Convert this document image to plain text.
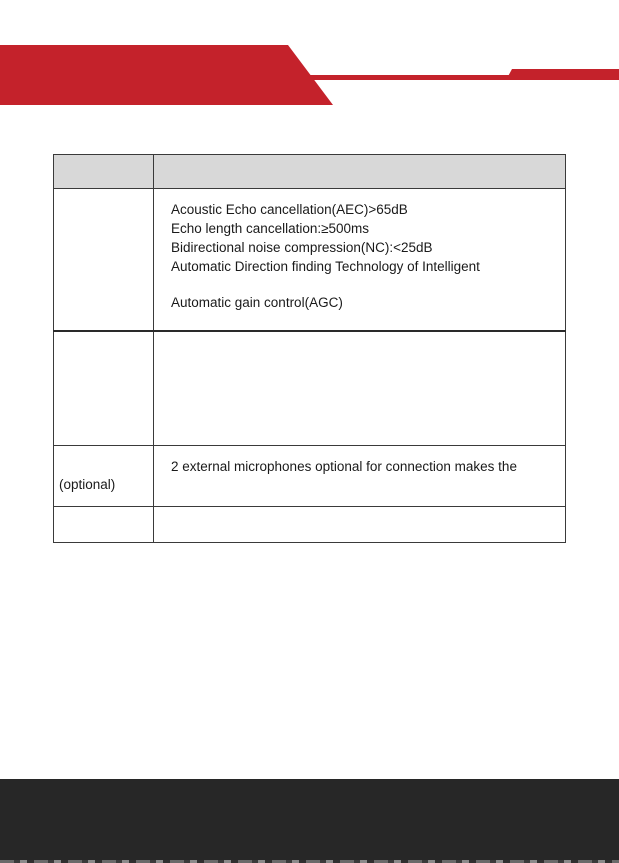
	Acoustic Echo cancellation(AEC)>65dB
Echo length cancellation:≥500ms
Bidirectional noise compression(NC):<25dB
Automatic Direction finding Technology of Intelligent
Automatic gain control(AGC)

(optional)	2 external microphones optional for connection makes the
